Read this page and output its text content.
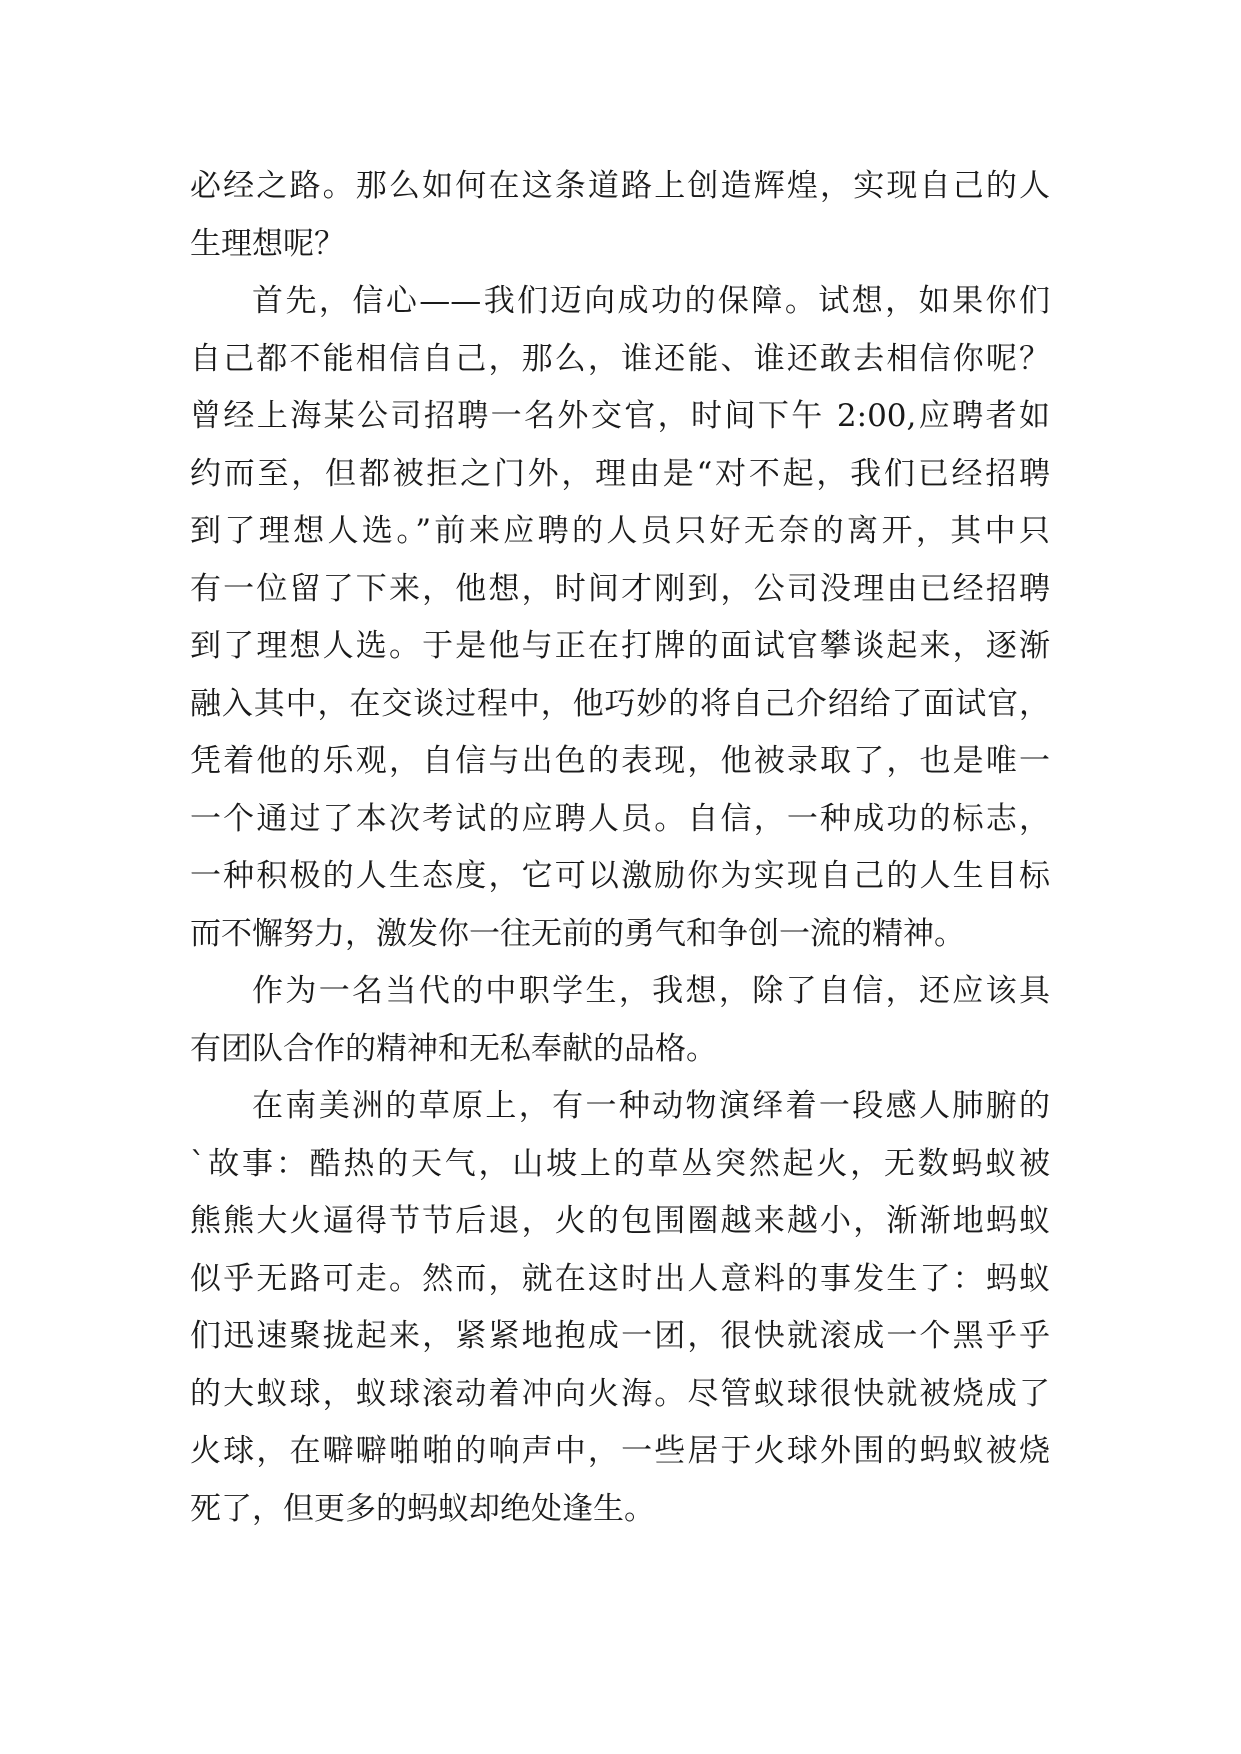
必经之路。那么如何在这条道路上创造辉煌，实现自己的人
生理想呢？
首先，信心——我们迈向成功的保障。试想，如果你们
自己都不能相信自己，那么，谁还能、谁还敢去相信你呢？
曾经上海某公司招聘一名外交官，时间下午 2:00,应聘者如
约而至，但都被拒之门外，理由是“对不起，我们已经招聘
到了理想人选。”前来应聘的人员只好无奈的离开，其中只
有一位留了下来，他想，时间才刚到，公司没理由已经招聘
到了理想人选。于是他与正在打牌的面试官攀谈起来，逐渐
融入其中，在交谈过程中，他巧妙的将自己介绍给了面试官，
凭着他的乐观，自信与出色的表现，他被录取了，也是唯一
一个通过了本次考试的应聘人员。自信，一种成功的标志，
一种积极的人生态度，它可以激励你为实现自己的人生目标
而不懈努力，激发你一往无前的勇气和争创一流的精神。
作为一名当代的中职学生，我想，除了自信，还应该具
有团队合作的精神和无私奉献的品格。
在南美洲的草原上，有一种动物演绎着一段感人肺腑的
`故事：酷热的天气，山坡上的草丛突然起火，无数蚂蚁被
熊熊大火逼得节节后退，火的包围圈越来越小，渐渐地蚂蚁
似乎无路可走。然而，就在这时出人意料的事发生了：蚂蚁
们迅速聚拢起来，紧紧地抱成一团，很快就滚成一个黑乎乎
的大蚁球，蚁球滚动着冲向火海。尽管蚁球很快就被烧成了
火球，在噼噼啪啪的响声中，一些居于火球外围的蚂蚁被烧
死了，但更多的蚂蚁却绝处逢生。
